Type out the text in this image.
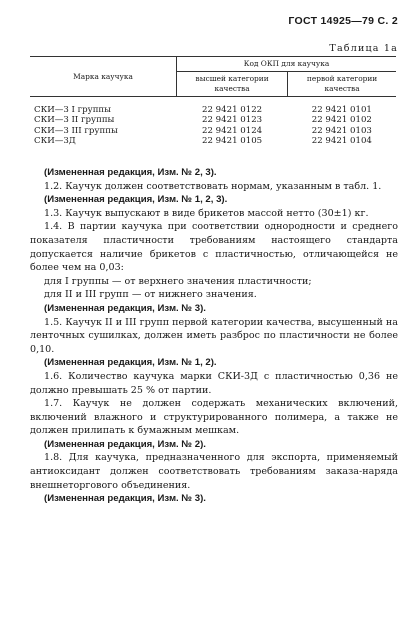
ГОСТ 14925—79 С. 2
Таблица 1а
Марка каучука	Код ОКП для каучука	
	высшей категории качества	первой категории качества
СКИ—3 I группы	22 9421 0122	22 9421 0101
СКИ—3 II группы	22 9421 0123	22 9421 0102
СКИ—3 III группы	22 9421 0124	22 9421 0103
СКИ—3Д	22 9421 0105	22 9421 0104

(Измененная редакция, Изм. № 2, 3).

1.2. Каучук должен соответствовать нормам, указанным в табл. 1.

(Измененная редакция, Изм. № 1, 2, 3).

1.3. Каучук выпускают в виде брикетов массой нетто (30±1) кг.

1.4. В партии каучука при соответствии однородности и среднего показателя пластичности требованиям настоящего стандарта допускается наличие брикетов с пластичностью, отличающейся не более чем на 0,03:

для I группы — от верхнего значения пластичности;

для II и III групп — от нижнего значения.

(Измененная редакция, Изм. № 3).

1.5. Каучук II и III групп первой категории качества, высушенный на ленточных сушилках, должен иметь разброс по пластичности не более 0,10.

(Измененная редакция, Изм. № 1, 2).

1.6. Количество каучука марки СКИ-3Д с пластичностью 0,36 не должно превышать 25 % от партии.

1.7. Каучук не должен содержать механических включений, включений влажного и структурированного полимера, а также не должен прилипать к бумажным мешкам.

(Измененная редакция, Изм. № 2).

1.8. Для каучука, предназначенного для экспорта, применяемый антиоксидант должен соответствовать требованиям заказа-наряда внешнеторгового объединения.

(Измененная редакция, Изм. № 3).
